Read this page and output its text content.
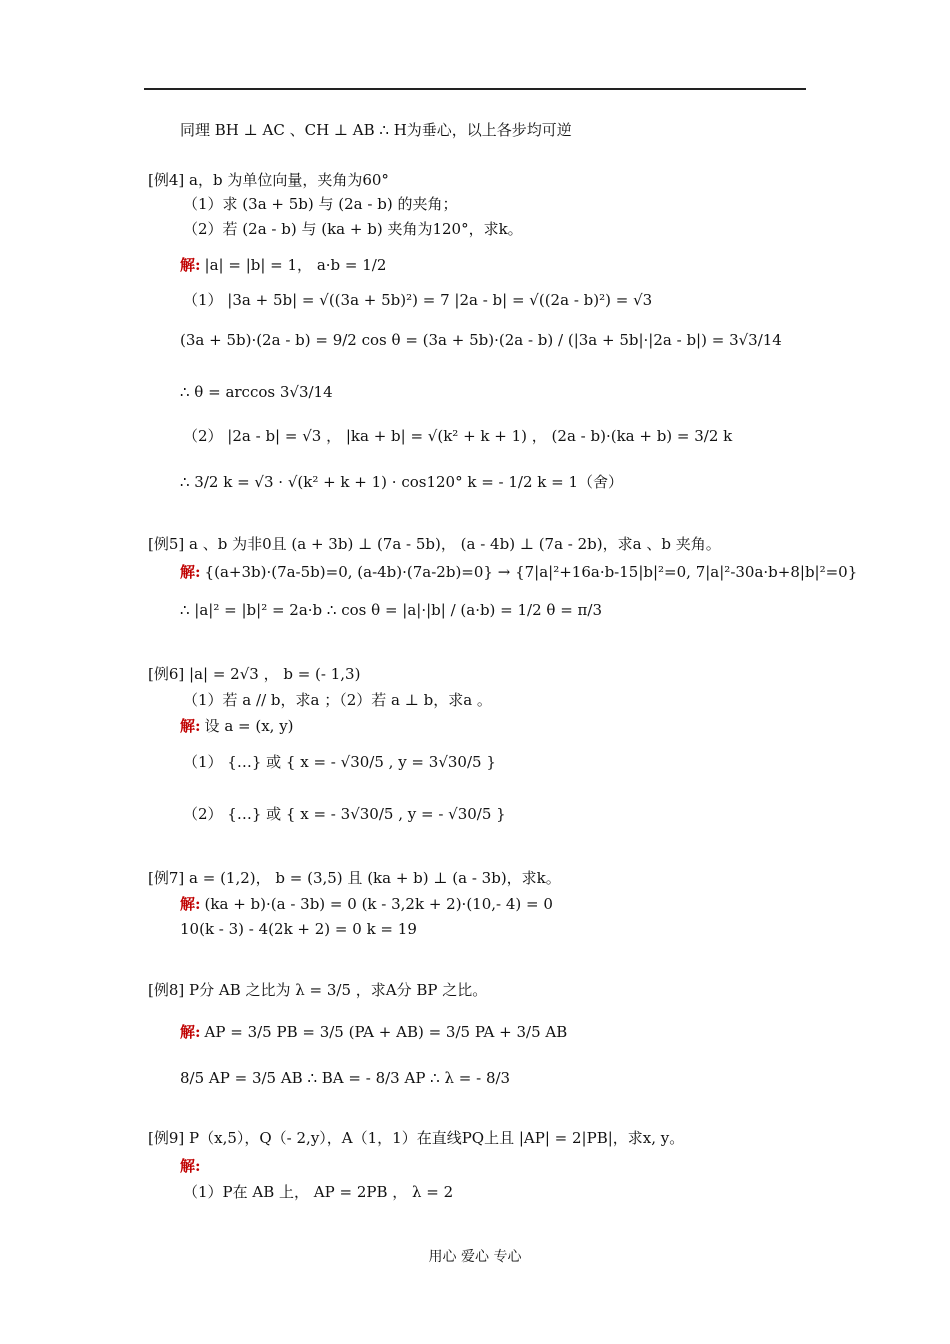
同理 BH ⊥ AC 、CH ⊥ AB ∴ H为垂心，以上各步均可逆
[例4] a，b 为单位向量，夹角为60°
（1）求 (3a + 5b) 与 (2a - b) 的夹角；
（2）若 (2a - b) 与 (ka + b) 夹角为120°，求k。
解: |a| = |b| = 1， a·b = 1/2
（1） |3a + 5b| = √((3a + 5b)²) = 7 |2a - b| = √((2a - b)²) = √3
(3a + 5b)·(2a - b) = 9/2 cos θ = (3a + 5b)·(2a - b) / (|3a + 5b|·|2a - b|) = 3√3/14
∴ θ = arccos 3√3/14
（2） |2a - b| = √3 ， |ka + b| = √(k² + k + 1) ， (2a - b)·(ka + b) = 3/2 k
∴ 3/2 k = √3 · √(k² + k + 1) · cos120° k = - 1/2 k = 1（舍）
[例5] a 、b 为非0且 (a + 3b) ⊥ (7a - 5b)， (a - 4b) ⊥ (7a - 2b)，求a 、b 夹角。
解: {(a+3b)·(7a-5b)=0, (a-4b)·(7a-2b)=0} → {7|a|²+16a·b-15|b|²=0, 7|a|²-30a·b+8|b|²=0}
∴ |a|² = |b|² = 2a·b ∴ cos θ = |a|·|b| / (a·b) = 1/2 θ = π/3
[例6] |a| = 2√3 ， b = (- 1,3)
（1）若 a // b，求a ；（2）若 a ⊥ b，求a 。
解: 设 a = (x, y)
（1） {…} 或 { x = - √30/5 , y = 3√30/5 }
（2） {…} 或 { x = - 3√30/5 , y = - √30/5 }
[例7] a = (1,2)， b = (3,5) 且 (ka + b) ⊥ (a - 3b)，求k。
解: (ka + b)·(a - 3b) = 0 (k - 3,2k + 2)·(10,- 4) = 0
10(k - 3) - 4(2k + 2) = 0 k = 19
[例8] P分 AB 之比为 λ = 3/5 ，求A分 BP 之比。
解: AP = 3/5 PB = 3/5 (PA + AB) = 3/5 PA + 3/5 AB
8/5 AP = 3/5 AB ∴ BA = - 8/3 AP ∴ λ = - 8/3
[例9] P（x,5），Q（- 2,y），A（1，1）在直线PQ上且 |AP| = 2|PB|，求x, y。
解:
（1）P在 AB 上， AP = 2PB ， λ = 2
用心 爱心 专心
